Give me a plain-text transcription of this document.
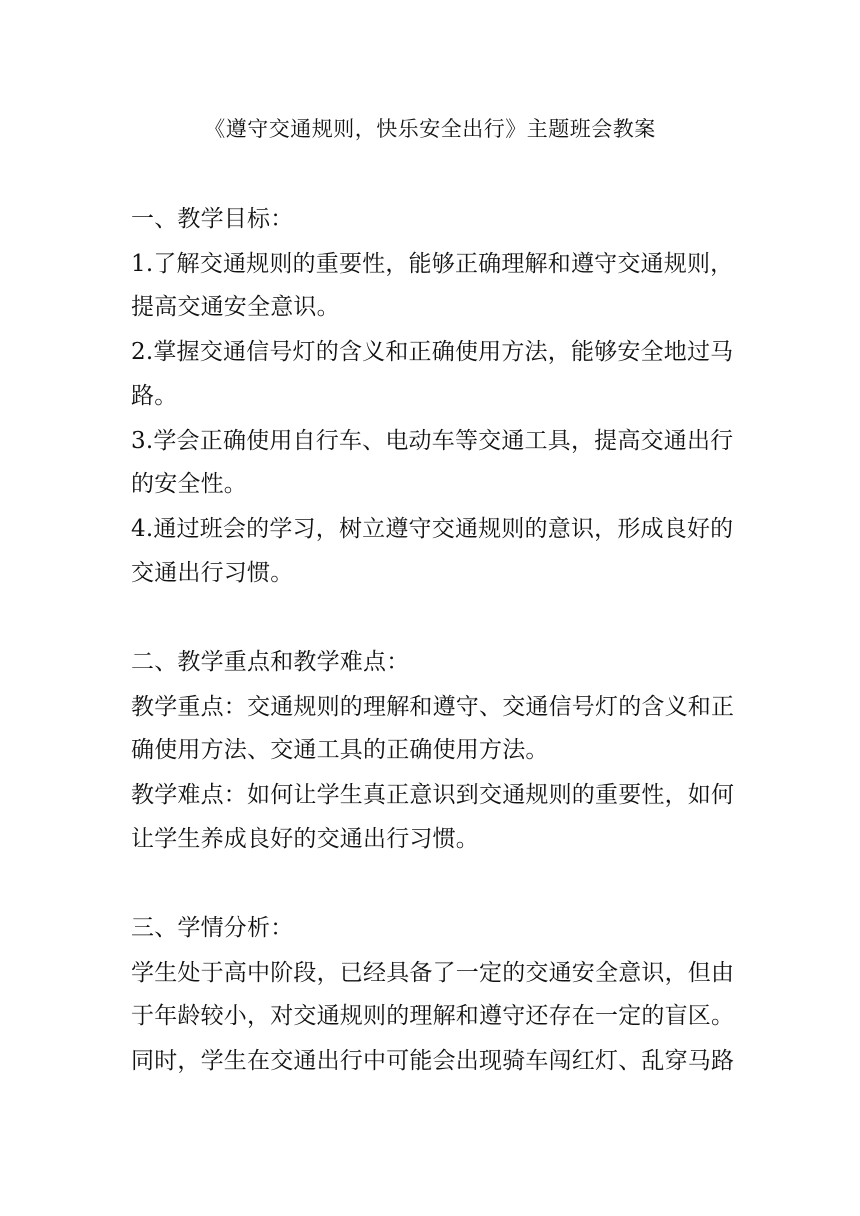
《遵守交通规则，快乐安全出行》主题班会教案
一、教学目标：
1.了解交通规则的重要性，能够正确理解和遵守交通规则，
提高交通安全意识。
2.掌握交通信号灯的含义和正确使用方法，能够安全地过马
路。
3.学会正确使用自行车、电动车等交通工具，提高交通出行
的安全性。
4.通过班会的学习，树立遵守交通规则的意识，形成良好的
交通出行习惯。
二、教学重点和教学难点：
教学重点：交通规则的理解和遵守、交通信号灯的含义和正
确使用方法、交通工具的正确使用方法。
教学难点：如何让学生真正意识到交通规则的重要性，如何
让学生养成良好的交通出行习惯。
三、学情分析：
学生处于高中阶段，已经具备了一定的交通安全意识，但由
于年龄较小，对交通规则的理解和遵守还存在一定的盲区。
同时，学生在交通出行中可能会出现骑车闯红灯、乱穿马路
